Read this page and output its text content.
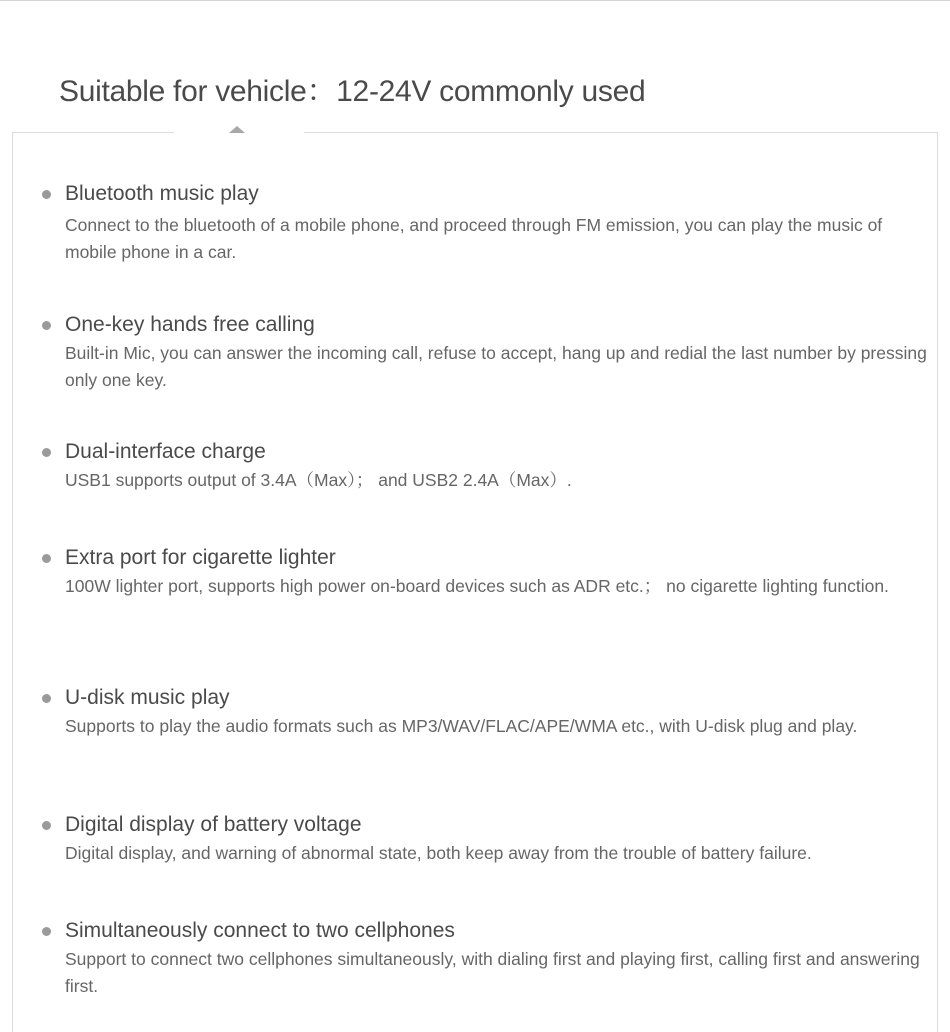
Suitable for vehicle：12-24V commonly used
Bluetooth music play
Connect to the bluetooth of a mobile phone, and proceed through FM emission, you can play the music of mobile phone in a car.
One-key hands free calling
Built-in Mic, you can answer the incoming call, refuse to accept, hang up and redial the last number by pressing only one key.
Dual-interface charge
USB1 supports output of 3.4A（Max）； and USB2 2.4A（Max）.
Extra port for cigarette lighter
100W lighter port, supports high power on-board devices such as ADR etc.； no cigarette lighting function.
U-disk music play
Supports to play the audio formats such as MP3/WAV/FLAC/APE/WMA etc., with U-disk plug and play.
Digital display of battery voltage
Digital display, and warning of abnormal state, both keep away from the trouble of battery failure.
Simultaneously connect to two cellphones
Support to connect two cellphones simultaneously, with dialing first and playing first, calling first and answering first.
